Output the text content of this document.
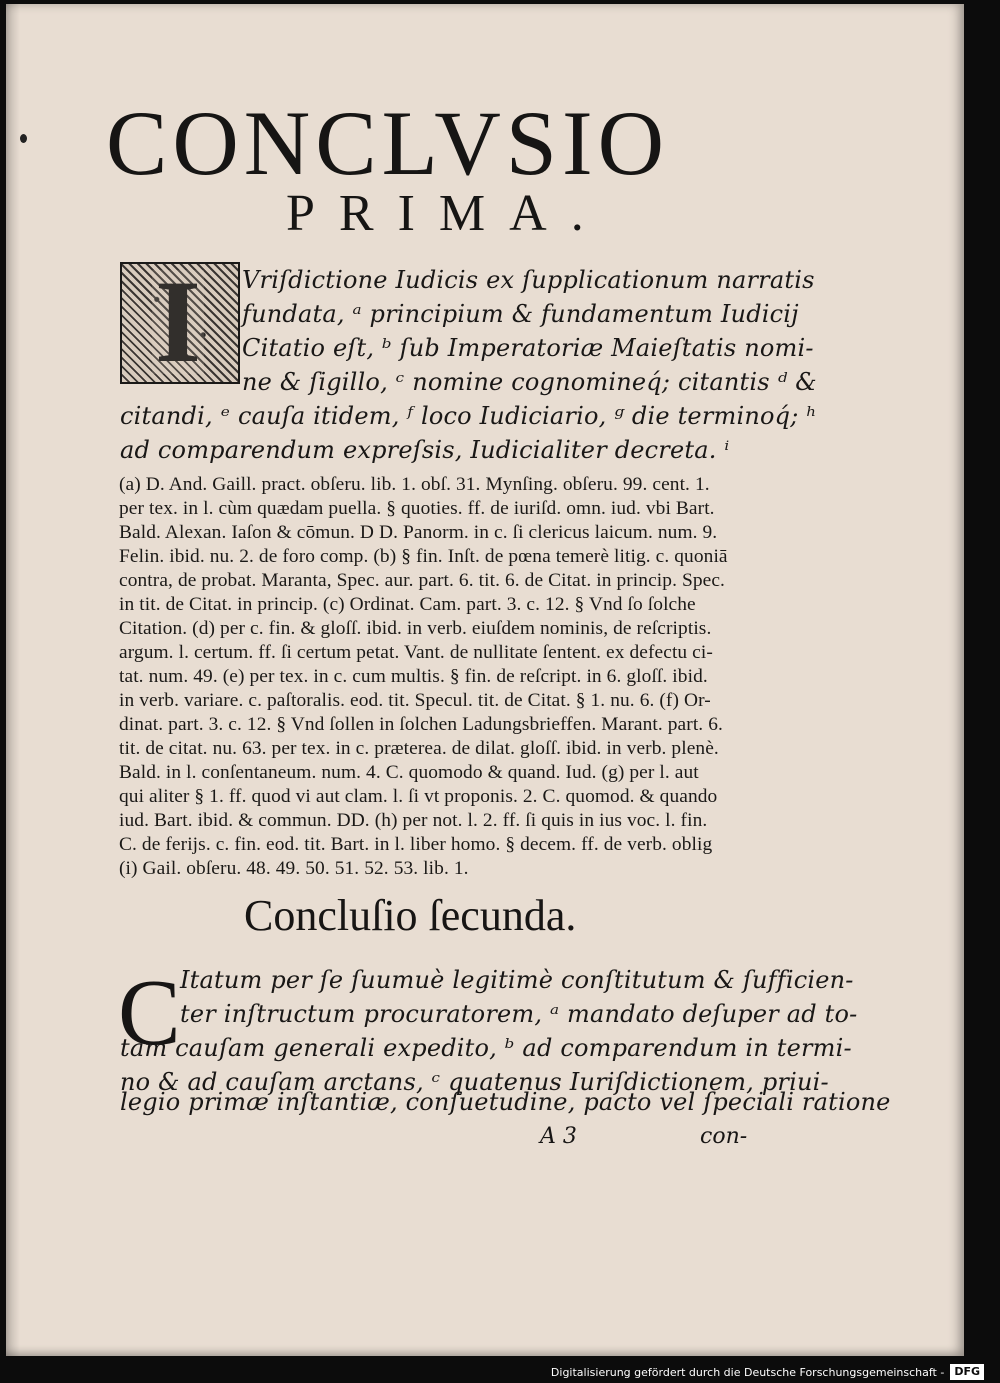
CONCLVSIO
PRIMA.
I	Vriſdictione Iudicis ex ſupplicationum narratis
fundata, ᵃ principium & fundamentum Iudicij
Citatio eſt, ᵇ ſub Imperatoriæ Maieſtatis nomi-
ne & ſigillo, ᶜ nomine cognomineq́; citantis ᵈ &
citandi, ᵉ cauſa itidem, ᶠ loco Iudiciario, ᵍ die terminoq́; ʰ
ad comparendum expreſsis, Iudicialiter decreta. ⁱ
(a) D. And. Gaill. pract. obſeru. lib. 1. obſ. 31. Mynſing. obſeru. 99. cent. 1.
per tex. in l. cùm quædam puella. § quoties. ff. de iuriſd. omn. iud. vbi Bart.
Bald. Alexan. Iaſon & cōmun. D D. Panorm. in c. ſi clericus laicum. num. 9.
Felin. ibid. nu. 2. de foro comp. (b) § fin. Inſt. de pœna temerè litig. c. quoniā
contra, de probat. Maranta, Spec. aur. part. 6. tit. 6. de Citat. in princip. Spec.
in tit. de Citat. in princip. (c) Ordinat. Cam. part. 3. c. 12. § Vnd ſo ſolche
Citation. (d) per c. fin. & gloſſ. ibid. in verb. eiuſdem nominis, de reſcriptis.
argum. l. certum. ff. ſi certum petat. Vant. de nullitate ſentent. ex defectu ci-
tat. num. 49. (e) per tex. in c. cum multis. § fin. de reſcript. in 6. gloſſ. ibid.
in verb. variare. c. paſtoralis. eod. tit. Specul. tit. de Citat. § 1. nu. 6. (f) Or-
dinat. part. 3. c. 12. § Vnd ſollen in ſolchen Ladungsbrieffen. Marant. part. 6.
tit. de citat. nu. 63. per tex. in c. præterea. de dilat. gloſſ. ibid. in verb. plenè.
Bald. in l. conſentaneum. num. 4. C. quomodo & quand. Iud. (g) per l. aut
qui aliter § 1. ff. quod vi aut clam. l. ſi vt proponis. 2. C. quomod. & quando
iud. Bart. ibid. & commun. DD. (h) per not. l. 2. ff. ſi quis in ius voc. l. fin.
C. de ferijs. c. fin. eod. tit. Bart. in l. liber homo. § decem. ff. de verb. oblig
(i) Gail. obſeru. 48. 49. 50. 51. 52. 53. lib. 1.
Concluſio ſecunda.
C Itatum per ſe ſuumuè legitimè conſtitutum & ſufficien-
ter inſtructum procuratorem, ᵃ mandato deſuper ad to-
tam cauſam generali expedito, ᵇ ad comparendum in termi-
no & ad cauſam arctans, ᶜ quatenus Iuriſdictionem, priui-
legio primæ inſtantiæ, conſuetudine, pacto vel ſpeciali ratione
A 3	con-
Digitalisierung gefördert durch die Deutsche Forschungsgemeinschaft - DFG
